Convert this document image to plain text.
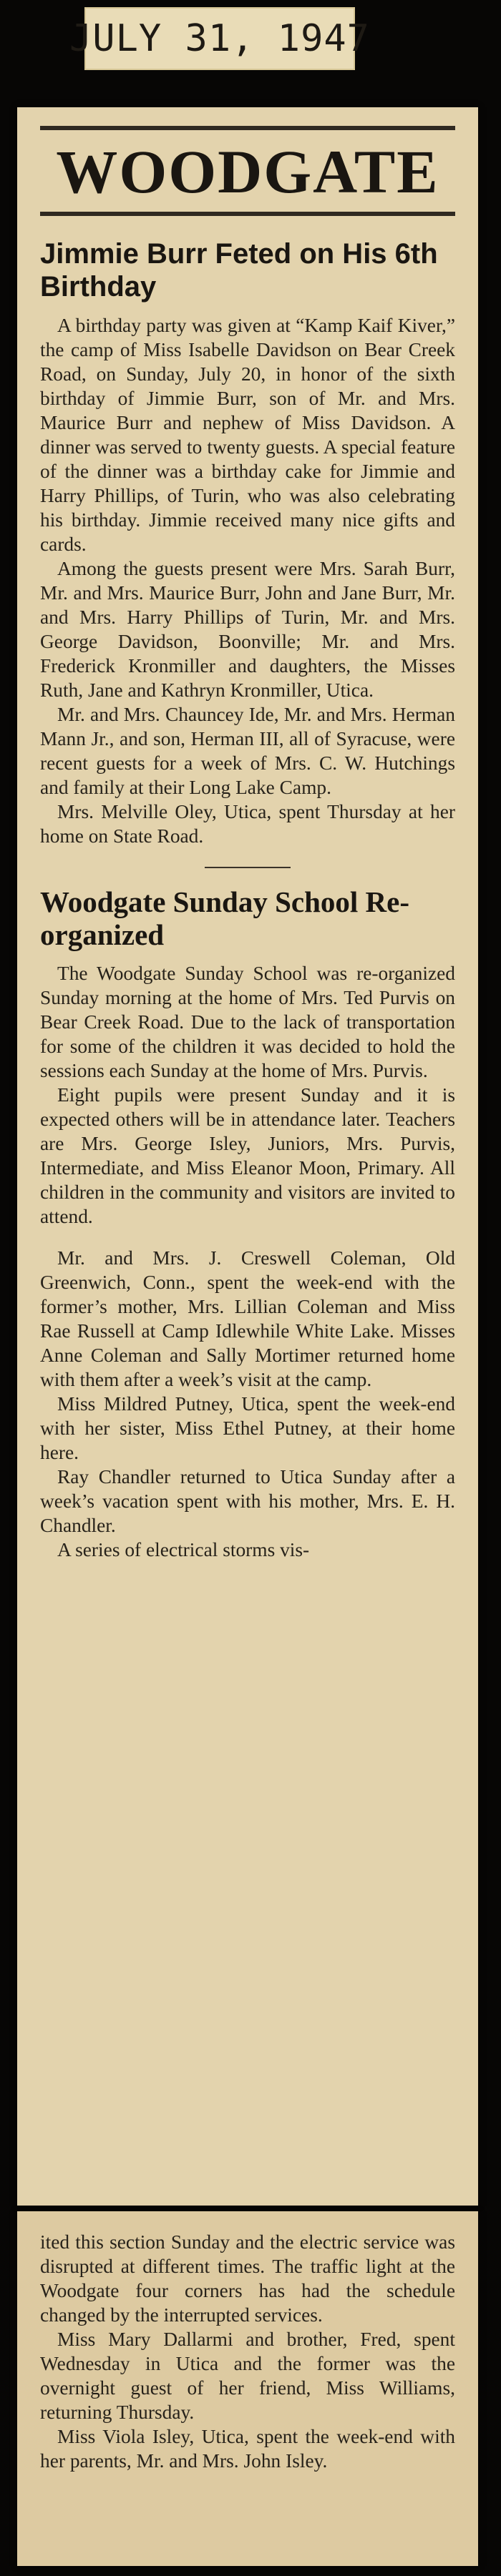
JULY 31, 1947
WOODGATE
Jimmie Burr Feted on His 6th Birthday

A birthday party was given at “Kamp Kaif Kiver,” the camp of Miss Isabelle Davidson on Bear Creek Road, on Sunday, July 20, in honor of the sixth birthday of Jimmie Burr, son of Mr. and Mrs. Maurice Burr and nephew of Miss Davidson. A dinner was served to twenty guests. A special feature of the dinner was a birthday cake for Jimmie and Harry Phillips, of Turin, who was also celebrating his birthday. Jimmie received many nice gifts and cards.

Among the guests present were Mrs. Sarah Burr, Mr. and Mrs. Maurice Burr, John and Jane Burr, Mr. and Mrs. Harry Phillips of Turin, Mr. and Mrs. George Davidson, Boonville; Mr. and Mrs. Frederick Kronmiller and daughters, the Misses Ruth, Jane and Kathryn Kronmiller, Utica.

Mr. and Mrs. Chauncey Ide, Mr. and Mrs. Herman Mann Jr., and son, Herman III, all of Syracuse, were recent guests for a week of Mrs. C. W. Hutchings and family at their Long Lake Camp.

Mrs. Melville Oley, Utica, spent Thursday at her home on State Road.

Woodgate Sunday School Re-organized

The Woodgate Sunday School was re-organized Sunday morning at the home of Mrs. Ted Purvis on Bear Creek Road. Due to the lack of transportation for some of the children it was decided to hold the sessions each Sunday at the home of Mrs. Purvis.

Eight pupils were present Sunday and it is expected others will be in attendance later. Teachers are Mrs. George Isley, Juniors, Mrs. Purvis, Intermediate, and Miss Eleanor Moon, Primary. All children in the community and visitors are invited to attend.

Mr. and Mrs. J. Creswell Coleman, Old Greenwich, Conn., spent the week-end with the former’s mother, Mrs. Lillian Coleman and Miss Rae Russell at Camp Idlewhile White Lake. Misses Anne Coleman and Sally Mortimer returned home with them after a week’s visit at the camp.

Miss Mildred Putney, Utica, spent the week-end with her sister, Miss Ethel Putney, at their home here.

Ray Chandler returned to Utica Sunday after a week’s vacation spent with his mother, Mrs. E. H. Chandler.

A series of electrical storms vis-

ited this section Sunday and the electric service was disrupted at different times. The traffic light at the Woodgate four corners has had the schedule changed by the interrupted services.

Miss Mary Dallarmi and brother, Fred, spent Wednesday in Utica and the former was the overnight guest of her friend, Miss Williams, returning Thursday.

Miss Viola Isley, Utica, spent the week-end with her parents, Mr. and Mrs. John Isley.
